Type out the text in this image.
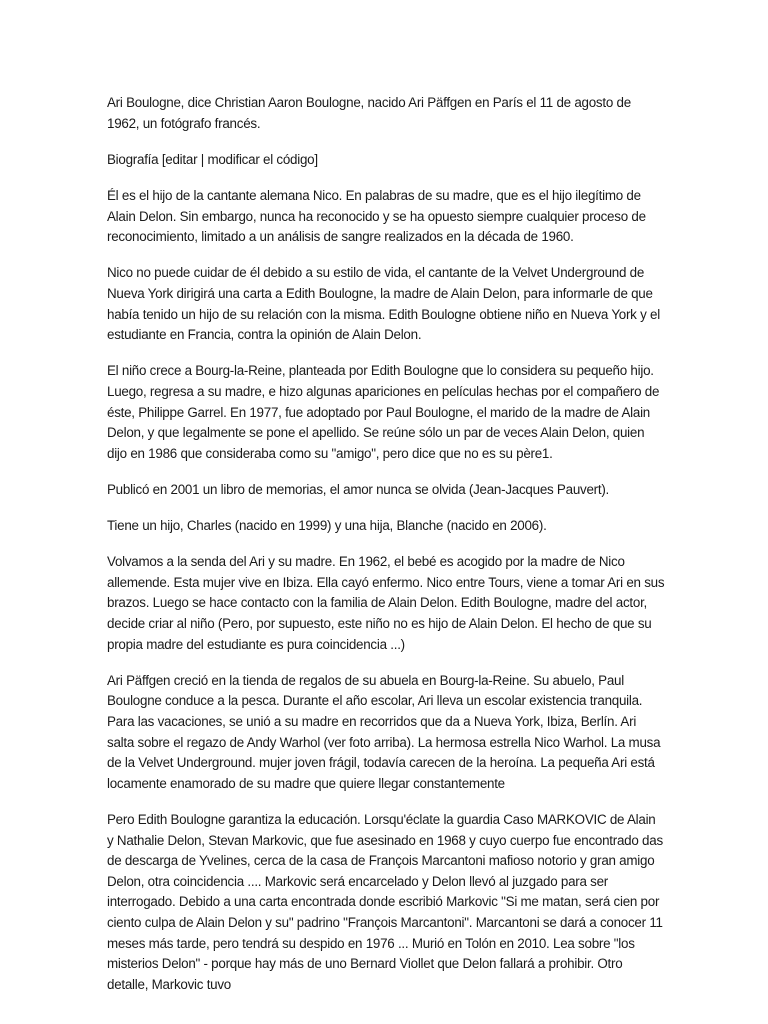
Ari Boulogne, dice Christian Aaron Boulogne, nacido Ari Päffgen en París el 11 de agosto de 1962, un fotógrafo francés.

Biografía [editar | modificar el código]

Él es el hijo de la cantante alemana Nico. En palabras de su madre, que es el hijo ilegítimo de Alain Delon. Sin embargo, nunca ha reconocido y se ha opuesto siempre cualquier proceso de reconocimiento, limitado a un análisis de sangre realizados en la década de 1960.

Nico no puede cuidar de él debido a su estilo de vida, el cantante de la Velvet Underground de Nueva York dirigirá una carta a Edith Boulogne, la madre de Alain Delon, para informarle de que había tenido un hijo de su relación con la misma. Edith Boulogne obtiene niño en Nueva York y el estudiante en Francia, contra la opinión de Alain Delon.

El niño crece a Bourg-la-Reine, planteada por Edith Boulogne que lo considera su pequeño hijo. Luego, regresa a su madre, e hizo algunas apariciones en películas hechas por el compañero de éste, Philippe Garrel. En 1977, fue adoptado por Paul Boulogne, el marido de la madre de Alain Delon, y que legalmente se pone el apellido. Se reúne sólo un par de veces Alain Delon, quien dijo en 1986 que consideraba como su "amigo", pero dice que no es su père1.

Publicó en 2001 un libro de memorias, el amor nunca se olvida (Jean-Jacques Pauvert).

Tiene un hijo, Charles (nacido en 1999) y una hija, Blanche (nacido en 2006).

Volvamos a la senda del Ari y su madre. En 1962, el bebé es acogido por la madre de Nico allemende. Esta mujer vive en Ibiza. Ella cayó enfermo. Nico entre Tours, viene a tomar Ari en sus brazos. Luego se hace contacto con la familia de Alain Delon. Edith Boulogne, madre del actor, decide criar al niño (Pero, por supuesto, este niño no es hijo de Alain Delon. El hecho de que su propia madre del estudiante es pura coincidencia ...)

Ari Päffgen creció en la tienda de regalos de su abuela en Bourg-la-Reine. Su abuelo, Paul Boulogne conduce a la pesca. Durante el año escolar, Ari lleva un escolar existencia tranquila. Para las vacaciones, se unió a su madre en recorridos que da a Nueva York, Ibiza, Berlín. Ari salta sobre el regazo de Andy Warhol (ver foto arriba). La hermosa estrella Nico Warhol. La musa de la Velvet Underground. mujer joven frágil, todavía carecen de la heroína. La pequeña Ari está locamente enamorado de su madre que quiere llegar constantemente

Pero Edith Boulogne garantiza la educación. Lorsqu'éclate la guardia Caso MARKOVIC de Alain y Nathalie Delon, Stevan Markovic, que fue asesinado en 1968 y cuyo cuerpo fue encontrado das de descarga de Yvelines, cerca de la casa de François Marcantoni mafioso notorio y gran amigo Delon, otra coincidencia .... Markovic será encarcelado y Delon llevó al juzgado para ser interrogado. Debido a una carta encontrada donde escribió Markovic "Si me matan, será cien por ciento culpa de Alain Delon y su" padrino "François Marcantoni". Marcantoni se dará a conocer 11 meses más tarde, pero tendrá su despido en 1976 ... Murió en Tolón en 2010. Lea sobre "los misterios Delon" - porque hay más de uno Bernard Viollet que Delon fallará a prohibir. Otro detalle, Markovic tuvo
